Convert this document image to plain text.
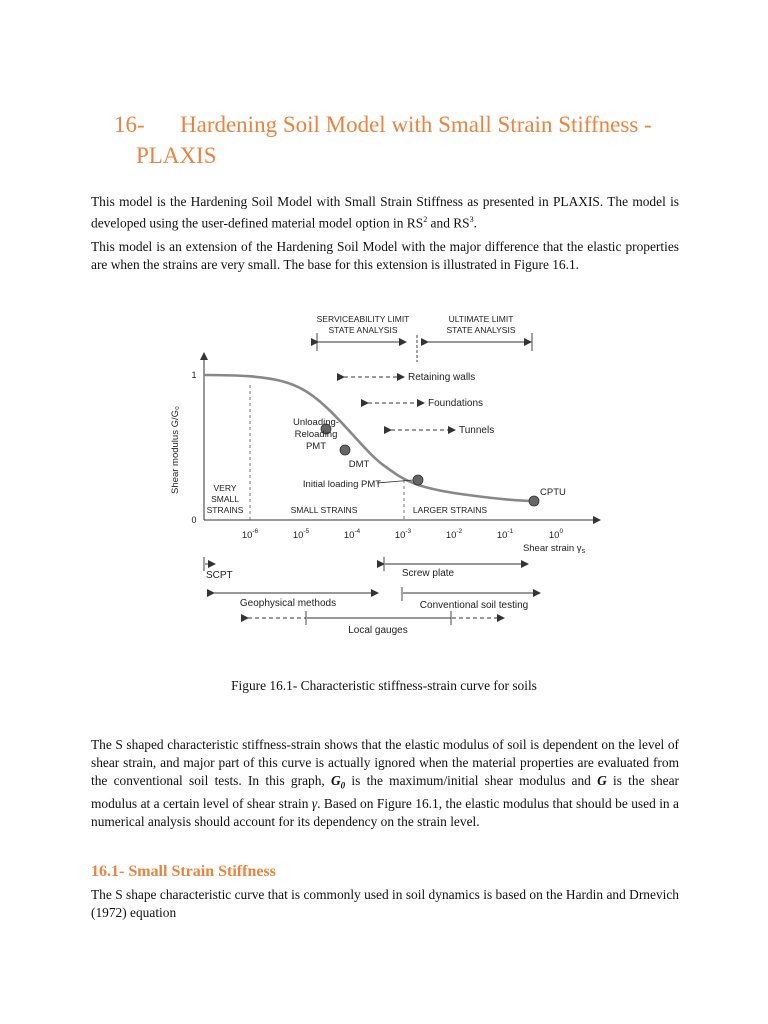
16- Hardening Soil Model with Small Strain Stiffness -
PLAXIS

This model is the Hardening Soil Model with Small Strain Stiffness as presented in PLAXIS. The model is developed using the user-defined material model option in $RS^2$ and $RS^3$.

This model is an extension of the Hardening Soil Model with the major difference that the elastic properties are when the strains are very small. The base for this extension is illustrated in Figure 16.1.

SERVICEABILITY LIMIT
STATE ANALYSIS
ULTIMATE LIMIT
STATE ANALYSIS
Retaining walls
Foundations
Tunnels
1
0
Shear modulus G/G₀	Unloading-
Reloading
PMT
DMT
Initial loading PMT
CPTU
VERY
SMALL
STRAINS	SMALL STRAINS	LARGER STRAINS
$10^{-6}$	$10^{-5}$	$10^{-4}$	$10^{-3}$	$10^{-2}$	$10^{-1}$	$10^0$
Shear strain $\gamma_s$
SCPT	Screw plate
Geophysical methods	Conventional soil testing
Local gauges

Figure 16.1- Characteristic stiffness-strain curve for soils

The S shaped characteristic stiffness-strain shows that the elastic modulus of soil is dependent on the level of shear strain, and major part of this curve is actually ignored when the material properties are evaluated from the conventional soil tests. In this graph, $G_0$ is the maximum/initial shear modulus and G is the shear modulus at a certain level of shear strain γ. Based on Figure 16.1, the elastic modulus that should be used in a numerical analysis should account for its dependency on the strain level.

16.1- Small Strain Stiffness

The S shape characteristic curve that is commonly used in soil dynamics is based on the Hardin and Drnevich (1972) equation
